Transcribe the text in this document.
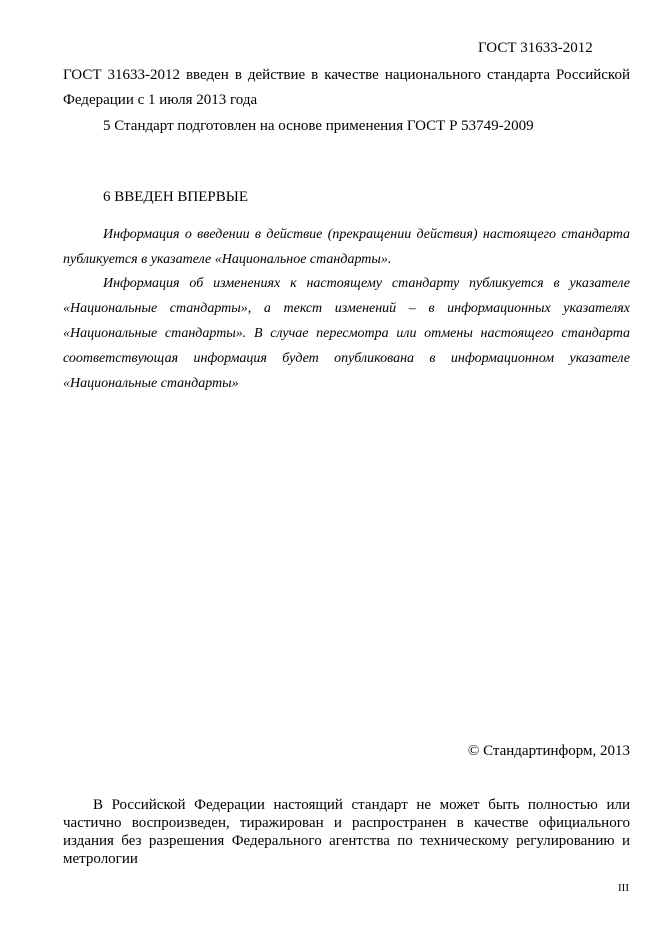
ГОСТ 31633-2012
ГОСТ 31633-2012 введен в действие в качестве национального стандарта Российской Федерации с 1 июля 2013 года
5 Стандарт подготовлен на основе применения ГОСТ Р 53749-2009
6 ВВЕДЕН ВПЕРВЫЕ
Информация о введении в действие (прекращении действия) настоящего стандарта публикуется в указателе «Национальное стандарты».
Информация об изменениях к настоящему стандарту публикуется в указателе «Национальные стандарты», а текст изменений – в информационных указателях «Национальные стандарты». В случае пересмотра или отмены настоящего стандарта соответствующая информация будет опубликована в информационном указателе «Национальные стандарты»
© Стандартинформ, 2013
В Российской Федерации настоящий стандарт не может быть полностью или частично воспроизведен, тиражирован и распространен в качестве официального издания без разрешения Федерального агентства по техническому регулированию и метрологии
III
